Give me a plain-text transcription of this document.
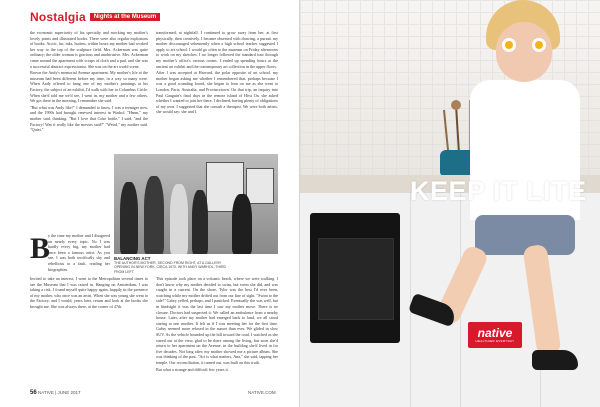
Nostalgia	Nights at the Museum

the economic superiority of his specialty and mocking my mother's lovely prints and illustrated books. There were also regular explosions of books: Arctic, fur, inks, butters, within hours my mother had worked her way to the top of the sculpture field. Mrs. Ackerman was quite ordinary; the older woman is gracious and unobtrusive. Mrs. Ackerman came around the apartment with scraps of cloth and a pad, and she was a successful abstract expressionist. She was on the art world scene.

Brown the Andy's memorial Avenue apartment. My mother's life at the museum had been different before my time, in a way so many were. When Andy offered to hang one of my mother's paintings at his Factory, the subject of an exhibit, I'd walk with her to Columbus Circle. When she'd told me we'd see, I went in, my mother and a few others. We got there in the morning, I remember she said.

"But what was Andy like?" I demanded to know. I was a teenager now, and the 1990s had brought renewed interest in Warhol. "Hmm," my mother said, thinking. "But I love that Coke bottle," I said, "and the Factory! Was it really like the movies said?" "Weird," my mother said. "Quiet."

B

y the time my mother and I disagreed on nearly every topic. No I was hardly every big, my mother had once been a famous artist. As you see, I was both terrifically shy and rebellious to a fault, reading her biographies.

Invited to take an interest, I went to the Metropolitan several times to see the Museum that I was raised in. Hanging on Amsterdam, I was taking a risk. I found myself quite happy again, happily in the presence of my mother, who once was an artist. When she was young she went to the Factory, and I would, years later, return and look at the books she brought me. She was always there, at the corner of 47th.

transformed, at nightfall. I continued to grow away from her, at first physically, then creatively. I became obsessed with drawing, a pursuit my mother discouraged vehemently when a high school teacher suggested I apply to art school. I would go often to the museum on Friday afternoons to work on my sketches. I no longer followed the standard tour through my mother's office's various rooms. I ended up spending hours at the ancient art exhibit and the contemporary art collection in the upper floors.

After I was accepted at Harvard, the polar opposite of art school, my mother began asking me whether I remembered that, perhaps because I was a good sounding board, she began to lean on me as she went to London, Paris, Australia, and Provincetown. On that trip, an inquiry into Paul Gauguin's final days in the remote island of Hiva Oa, she asked whether I wanted to join her there. I declined, having plenty of obligations of my own. I suggested that she consult a therapist. We were both artists, she would say: she and I.

BALANCING ACT
THE AUTHOR'S MOTHER, SECOND FROM RIGHT, AT A GALLERY OPENING IN NEW YORK, CIRCA 1970, WITH ANDY WARHOL, THIRD FROM LEFT.

This episode took place on a volcanic beach, where we were walking. I don't know why my mother decided to swim, but swim she did, and was caught in a current. On the shore, Tyler was the best I'd ever been, watching while my mother drifted out from our line of sight. "Swim to the side!" Gabry yelled, perhaps, and I panicked. Eventually she was well, but in hindsight it was the last time I saw my mother move. There is no closure. Doctors had suspected it. We called an ambulance from a nearby house. Later, after my mother had emerged back to land, we all stood staring at one another. It felt as if I was meeting her for the first time. Gabry seemed more relaxed in the sunset than ever. We glided in slow SUV. As the vehicle bounded up the hill toward the road, I watched as she stared out at the view, glad to be there among the living, but soon she'd return to her apartment on the Avenue, in the building she'd lived in for five decades. Not long after, my mother showed me a picture album. She was thinking of the past. "Art is what matters, Ana," she said, tapping her temple. Our reconciliation, it turned out, was built on this truth.

But what a strange and difficult few years it

56 NATIVE | JUNE 2017	NATIVE.COM
KEEP IT LITE
native
HEALTHIER EVERYDAY
